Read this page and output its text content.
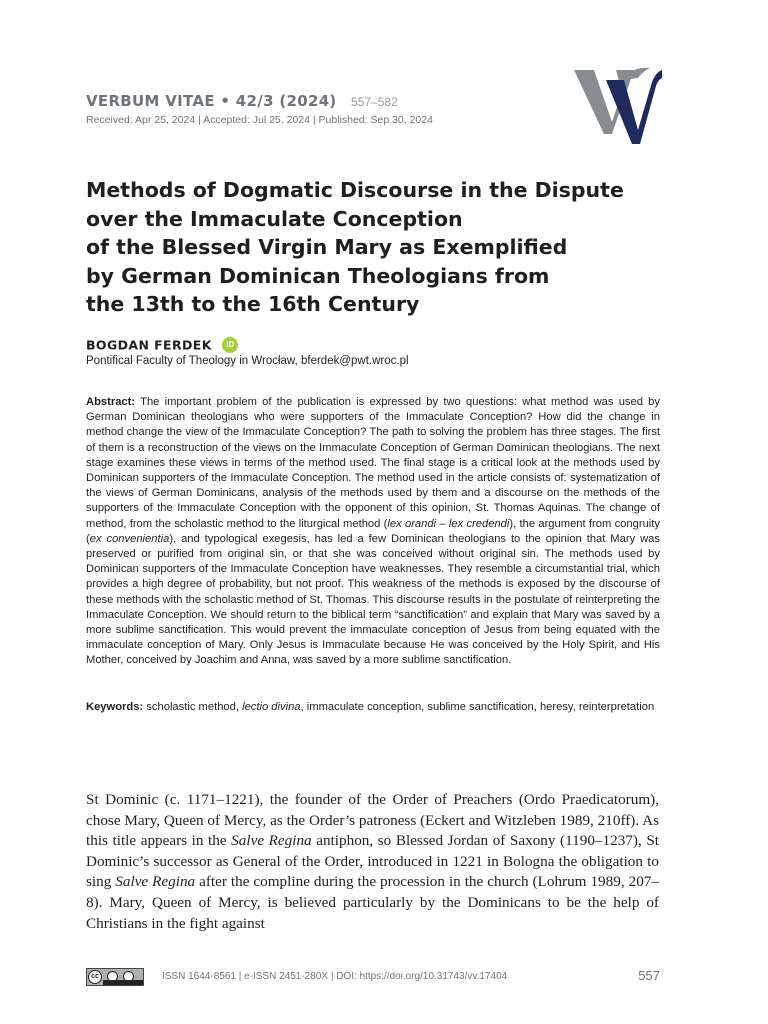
VERBUM VITAE • 42/3 (2024) 557–582
Received: Apr 25, 2024 | Accepted: Jul 25, 2024 | Published: Sep 30, 2024
Methods of Dogmatic Discourse in the Dispute
over the Immaculate Conception
of the Blessed Virgin Mary as Exemplified
by German Dominican Theologians from
the 13th to the 16th Century
BOGDAN FERDEK iD
Pontifical Faculty of Theology in Wrocław, bferdek@pwt.wroc.pl

Abstract: The important problem of the publication is expressed by two questions: what method was used by German Dominican theologians who were supporters of the Immaculate Conception? How did the change in method change the view of the Immaculate Conception? The path to solving the problem has three stages. The first of them is a reconstruction of the views on the Immaculate Conception of German Dominican theologians. The next stage examines these views in terms of the method used. The final stage is a critical look at the methods used by Dominican supporters of the Immaculate Conception. The method used in the article consists of: systematization of the views of German Dominicans, analysis of the methods used by them and a discourse on the methods of the supporters of the Immaculate Conception with the opponent of this opinion, St. Thomas Aquinas. The change of method, from the scholastic method to the liturgical method (lex orandi – lex credendi), the argument from congruity (ex convenientia), and typological exegesis, has led a few Dominican theologians to the opinion that Mary was preserved or purified from original sin, or that she was conceived without original sin. The methods used by Dominican supporters of the Immaculate Conception have weaknesses. They resemble a circumstantial trial, which provides a high degree of probability, but not proof. This weakness of the methods is exposed by the discourse of these methods with the scholastic method of St. Thomas. This discourse results in the postulate of reinterpreting the Immaculate Conception. We should return to the biblical term “sanctification” and explain that Mary was saved by a more sublime sanctification. This would prevent the immaculate conception of Jesus from being equated with the immaculate conception of Mary. Only Jesus is Immaculate because He was conceived by the Holy Spirit, and His Mother, conceived by Joachim and Anna, was saved by a more sublime sanctification.

Keywords: scholastic method, lectio divina, immaculate conception, sublime sanctification, heresy, reinterpretation

St Dominic (c. 1171–1221), the founder of the Order of Preachers (Ordo Praedicatorum), chose Mary, Queen of Mercy, as the Order’s patroness (Eckert and Witzleben 1989, 210ff). As this title appears in the Salve Regina antiphon, so Blessed Jordan of Saxony (1190–1237), St Dominic’s successor as General of the Order, introduced in 1221 in Bologna the obligation to sing Salve Regina after the compline during the procession in the church (Lohrum 1989, 207–8). Mary, Queen of Mercy, is believed particularly by the Dominicans to be the help of Christians in the fight against

cc	ISSN 1644-8561 | e-ISSN 2451-280X | DOI: https://doi.org/10.31743/vv.17404	557
